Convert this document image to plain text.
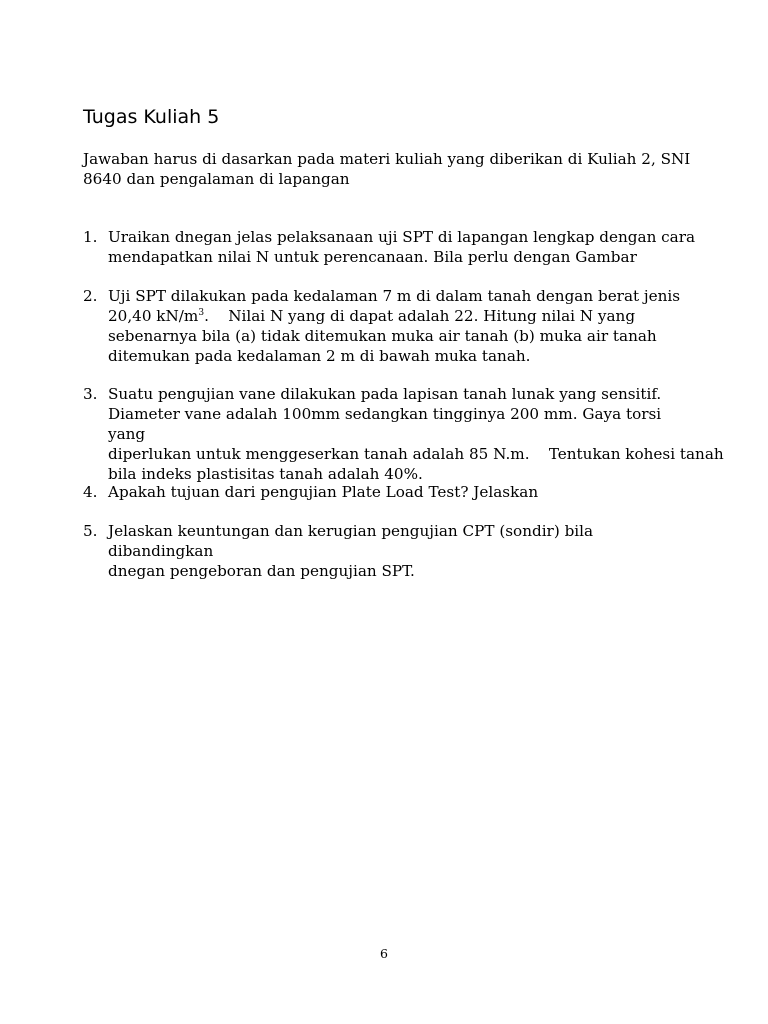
Tugas Kuliah 5

Jawaban harus di dasarkan pada materi kuliah yang diberikan di Kuliah 2, SNI
8640 dan pengalaman di lapangan

1. Uraikan dnegan jelas pelaksanaan uji SPT di lapangan lengkap dengan cara
mendapatkan nilai N untuk perencanaan. Bila perlu dengan Gambar
2. Uji SPT dilakukan pada kedalaman 7 m di dalam tanah dengan berat jenis
20,40 $kN/m^3$.    Nilai N yang di dapat adalah 22. Hitung nilai N yang
sebenarnya bila (a) tidak ditemukan muka air tanah (b) muka air tanah
ditemukan pada kedalaman 2 m di bawah muka tanah.
3. Suatu pengujian vane dilakukan pada lapisan tanah lunak yang sensitif.
Diameter vane adalah 100mm sedangkan tingginya 200 mm. Gaya torsi yang
diperlukan untuk menggeserkan tanah adalah 85 N.m.    Tentukan kohesi tanah
bila indeks plastisitas tanah adalah 40%.
4. Apakah tujuan dari pengujian Plate Load Test? Jelaskan
5. Jelaskan keuntungan dan kerugian pengujian CPT (sondir) bila dibandingkan
dnegan pengeboran dan pengujian SPT.
6
